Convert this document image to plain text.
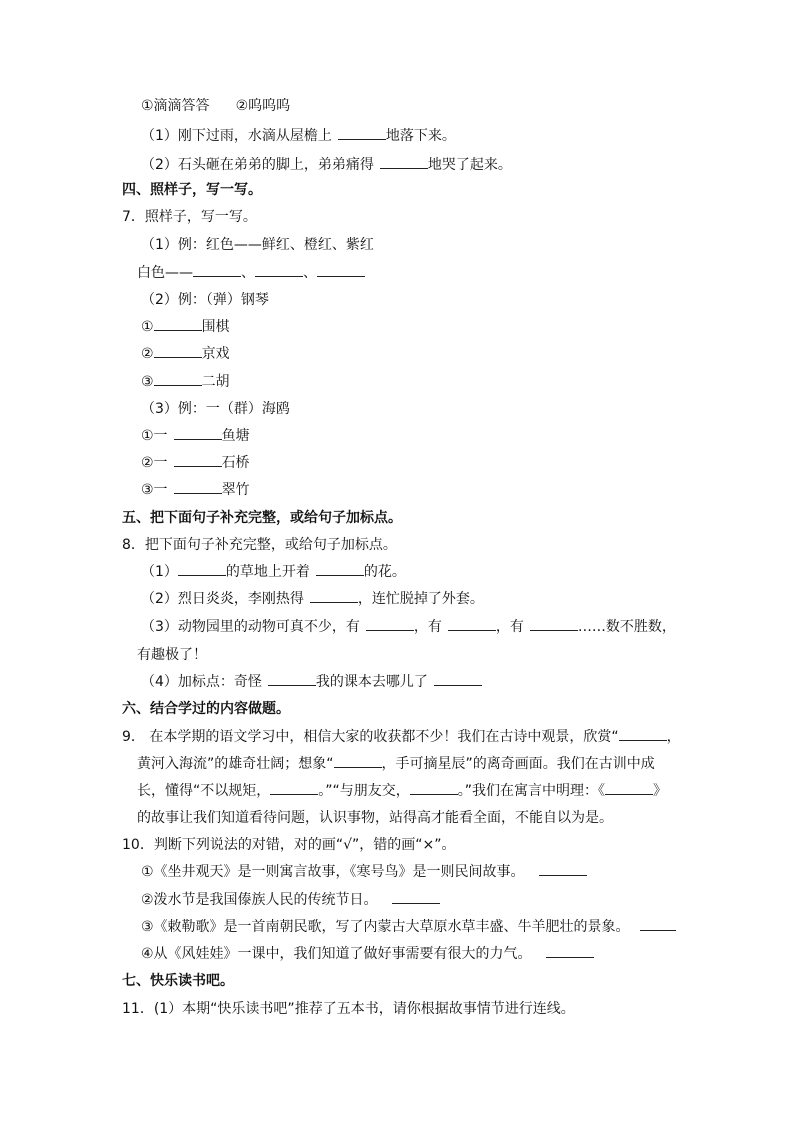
①滴滴答答 ②呜呜呜
（1）刚下过雨，水滴从屋檐上	地落下来。
（2）石头砸在弟弟的脚上，弟弟痛得	地哭了起来。
四、照样子，写一写。
7．照样子，写一写。
（1）例：红色——鲜红、橙红、紫红
白色——	、	、
（2）例：（弹）钢琴
①	围棋
②	京戏
③	二胡
（3）例：一（群）海鸥
①一	鱼塘
②一	石桥
③一	翠竹
五、把下面句子补充完整，或给句子加标点。
8．把下面句子补充完整，或给句子加标点。
（1）	的草地上开着	的花。
（2）烈日炎炎，李刚热得	，连忙脱掉了外套。
（3）动物园里的动物可真不少，有	，有	，有	……数不胜数，
有趣极了！
（4）加标点：奇怪	我的课本去哪儿了
六、结合学过的内容做题。
9． 在本学期的语文学习中，相信大家的收获都不少！我们在古诗中观景，欣赏“	，
黄河入海流”的雄奇壮阔；想象“	，手可摘星辰”的离奇画面。我们在古训中成
长，懂得“不以规矩，	。”“与朋友交，	。”我们在寓言中明理：《	》
的故事让我们知道看待问题，认识事物，站得高才能看全面，不能自以为是。
10．判断下列说法的对错，对的画“√”，错的画“×”。
①《坐井观天》是一则寓言故事，《寒号鸟》是一则民间故事。
②泼水节是我国傣族人民的传统节日。
③《敕勒歌》是一首南朝民歌，写了内蒙古大草原水草丰盛、牛羊肥壮的景象。
④从《风娃娃》一课中，我们知道了做好事需要有很大的力气。
七、快乐读书吧。
11．(1）本期“快乐读书吧”推荐了五本书，请你根据故事情节进行连线。
